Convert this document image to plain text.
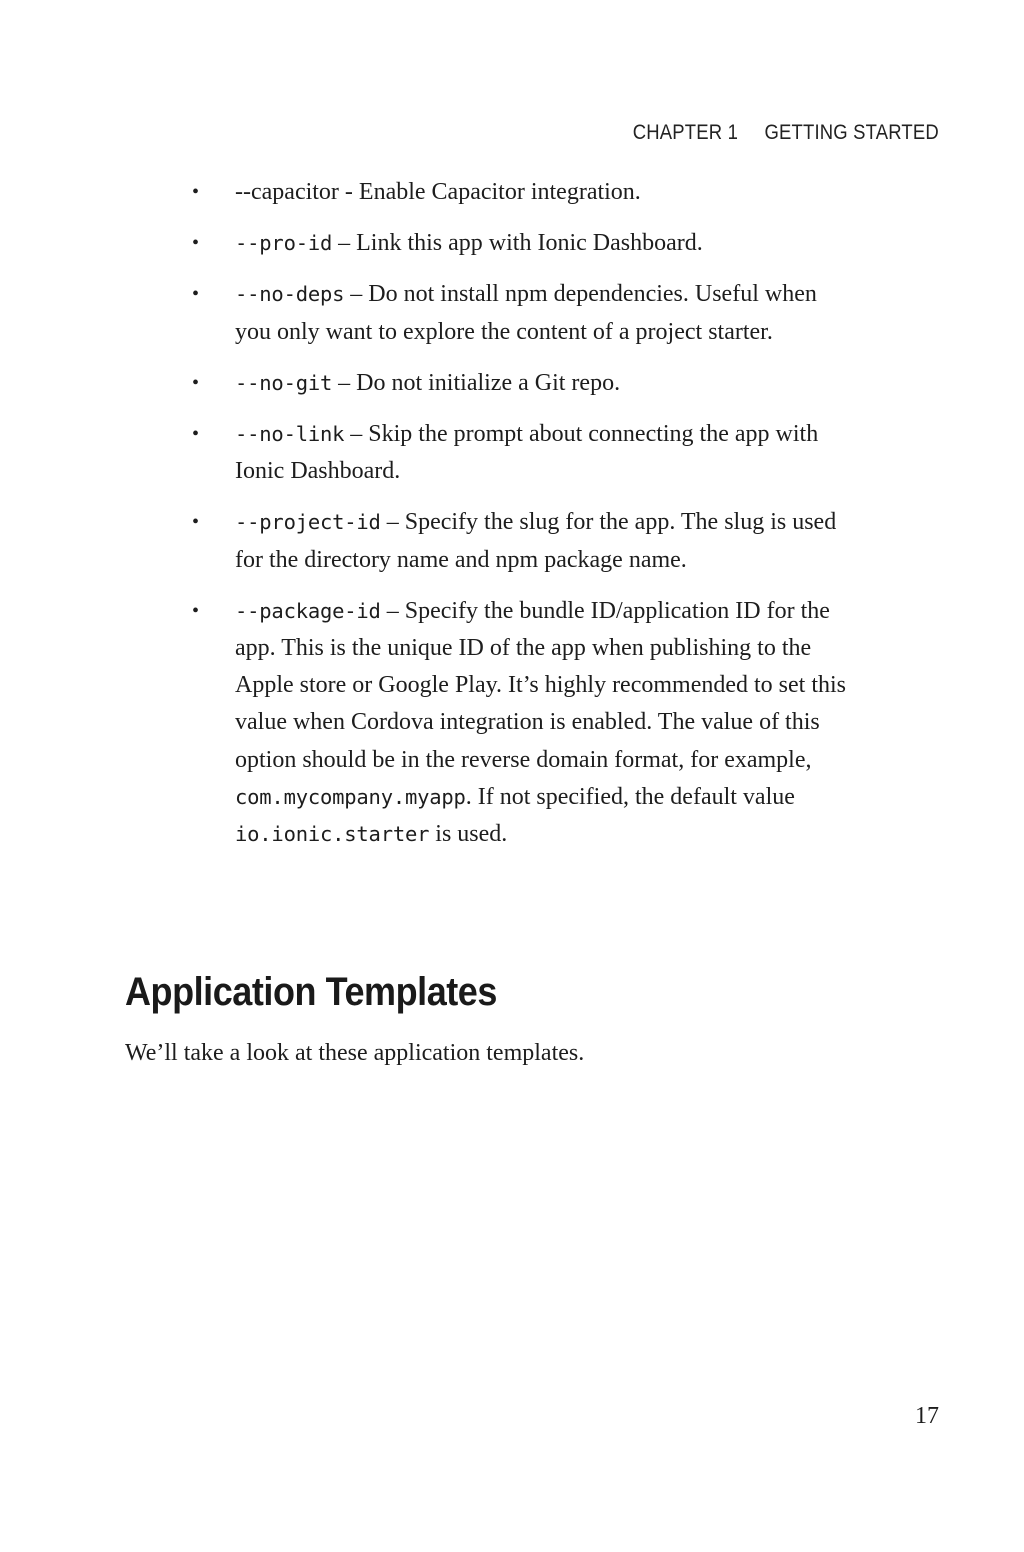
CHAPTER 1 GETTING STARTED
• --capacitor - Enable Capacitor integration.
• --pro-id – Link this app with Ionic Dashboard.
• --no-deps – Do not install npm dependencies. Useful when you only want to explore the content of a project starter.
• --no-git – Do not initialize a Git repo.
• --no-link – Skip the prompt about connecting the app with Ionic Dashboard.
• --project-id – Specify the slug for the app. The slug is used for the directory name and npm package name.
• --package-id – Specify the bundle ID/application ID for the app. This is the unique ID of the app when publishing to the Apple store or Google Play. It’s highly recommended to set this value when Cordova integration is enabled. The value of this option should be in the reverse domain format, for example, com.mycompany.myapp. If not specified, the default value io.ionic.starter is used.
Application Templates

We’ll take a look at these application templates.

17
